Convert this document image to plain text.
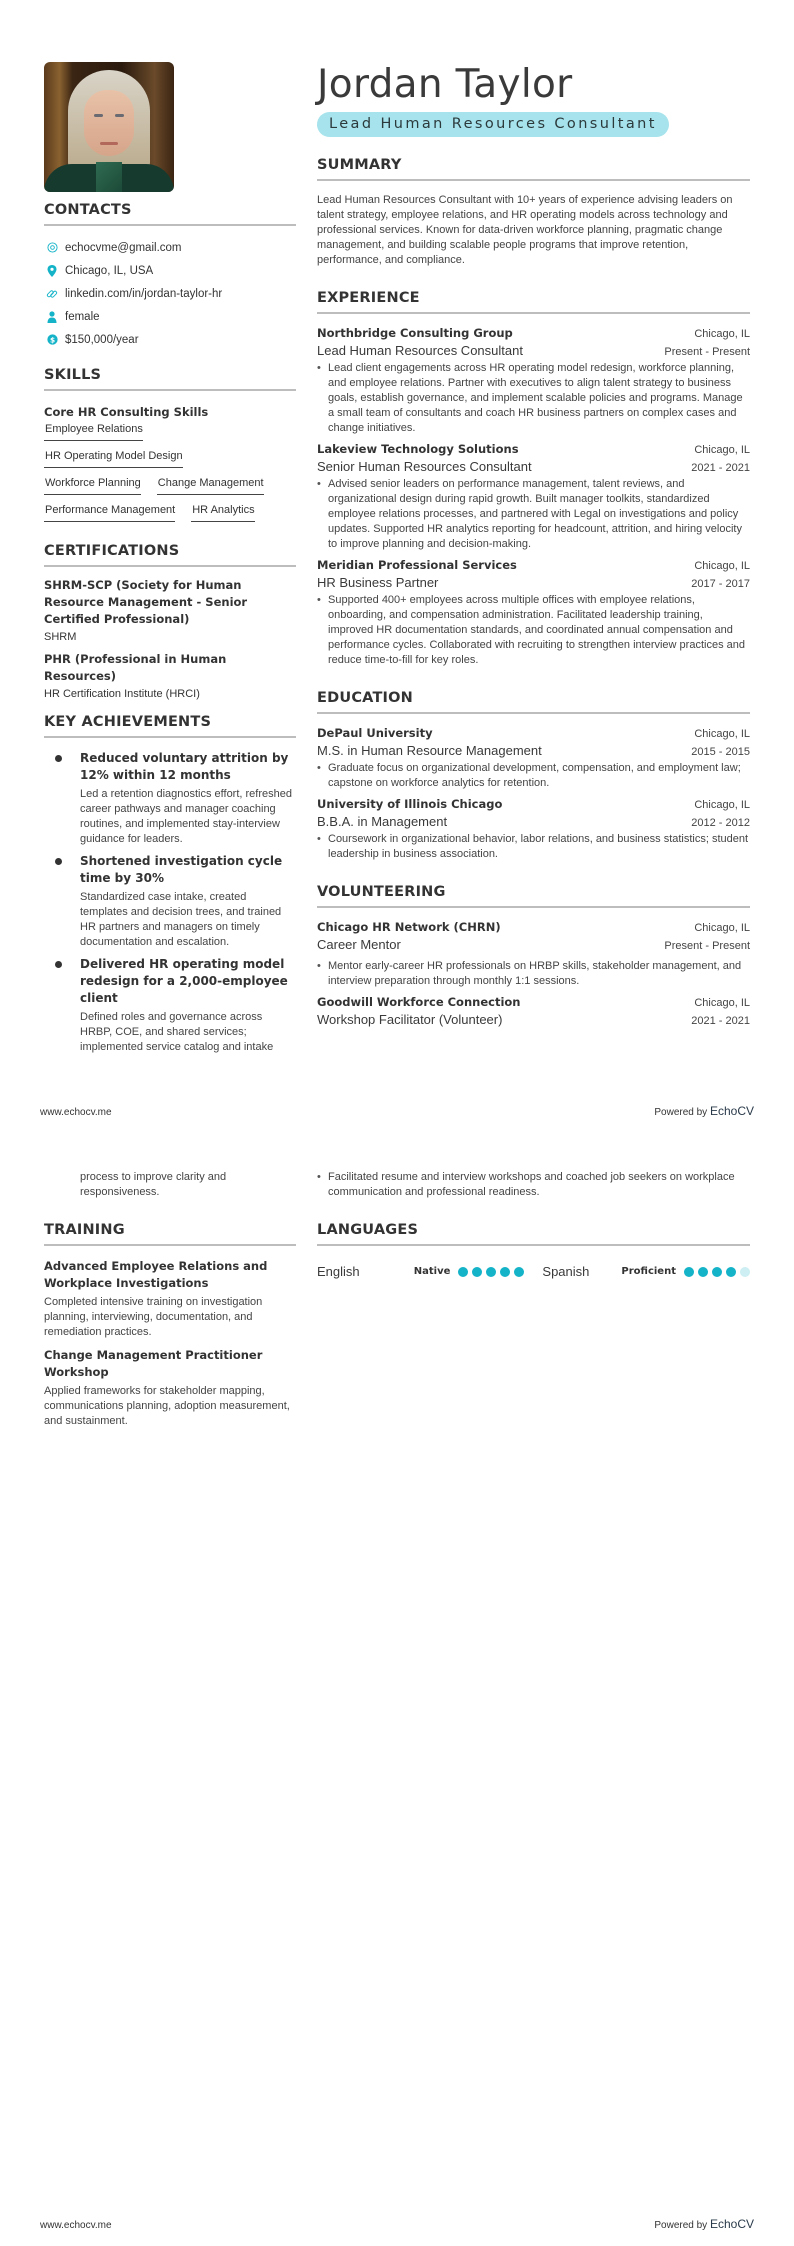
CONTACTS
echocvme@gmail.com
Chicago, IL, USA
linkedin.com/in/jordan-taylor-hr
female
$ $150,000/year
SKILLS
Core HR Consulting Skills
Employee Relations
HR Operating Model Design
Workforce Planning Change Management
Performance Management HR Analytics
CERTIFICATIONS
SHRM-SCP (Society for Human Resource Management - Senior Certified Professional)
SHRM
PHR (Professional in Human Resources)
HR Certification Institute (HRCI)
KEY ACHIEVEMENTS
Reduced voluntary attrition by 12% within 12 months
Led a retention diagnostics effort, refreshed career pathways and manager coaching routines, and implemented stay-interview guidance for leaders.
Shortened investigation cycle time by 30%
Standardized case intake, created templates and decision trees, and trained HR partners and managers on timely documentation and escalation.
Delivered HR operating model redesign for a 2,000-employee client
Defined roles and governance across HRBP, COE, and shared services; implemented service catalog and intake
Jordan Taylor
Lead Human Resources Consultant
SUMMARY
Lead Human Resources Consultant with 10+ years of experience advising leaders on talent strategy, employee relations, and HR operating models across technology and professional services. Known for data-driven workforce planning, pragmatic change management, and building scalable people programs that improve retention, performance, and compliance.
EXPERIENCE
Northbridge Consulting Group	Chicago, IL
Lead Human Resources Consultant	Present - Present
• Lead client engagements across HR operating model redesign, workforce planning, and employee relations. Partner with executives to align talent strategy to business goals, establish governance, and implement scalable policies and programs. Manage a small team of consultants and coach HR business partners on complex cases and change initiatives.
Lakeview Technology Solutions	Chicago, IL
Senior Human Resources Consultant	2021 - 2021
• Advised senior leaders on performance management, talent reviews, and organizational design during rapid growth. Built manager toolkits, standardized employee relations processes, and partnered with Legal on investigations and policy updates. Supported HR analytics reporting for headcount, attrition, and hiring velocity to improve planning and decision-making.
Meridian Professional Services	Chicago, IL
HR Business Partner	2017 - 2017
• Supported 400+ employees across multiple offices with employee relations, onboarding, and compensation administration. Facilitated leadership training, improved HR documentation standards, and coordinated annual compensation and performance cycles. Collaborated with recruiting to strengthen interview practices and reduce time-to-fill for key roles.
EDUCATION
DePaul University	Chicago, IL
M.S. in Human Resource Management	2015 - 2015
• Graduate focus on organizational development, compensation, and employment law; capstone on workforce analytics for retention.
University of Illinois Chicago	Chicago, IL
B.B.A. in Management	2012 - 2012
• Coursework in organizational behavior, labor relations, and business statistics; student leadership in business association.
VOLUNTEERING
Chicago HR Network (CHRN)	Chicago, IL
Career Mentor	Present - Present
• Mentor early-career HR professionals on HRBP skills, stakeholder management, and interview preparation through monthly 1:1 sessions.
Goodwill Workforce Connection	Chicago, IL
Workshop Facilitator (Volunteer)	2021 - 2021
www.echocv.me	Powered by EchoCV
process to improve clarity and responsiveness.
TRAINING
Advanced Employee Relations and Workplace Investigations
Completed intensive training on investigation planning, interviewing, documentation, and remediation practices.
Change Management Practitioner Workshop
Applied frameworks for stakeholder mapping, communications planning, adoption measurement, and sustainment.
• Facilitated resume and interview workshops and coached job seekers on workplace communication and professional readiness.
LANGUAGES
English	Native	Spanish	Proficient
www.echocv.me	Powered by EchoCV
